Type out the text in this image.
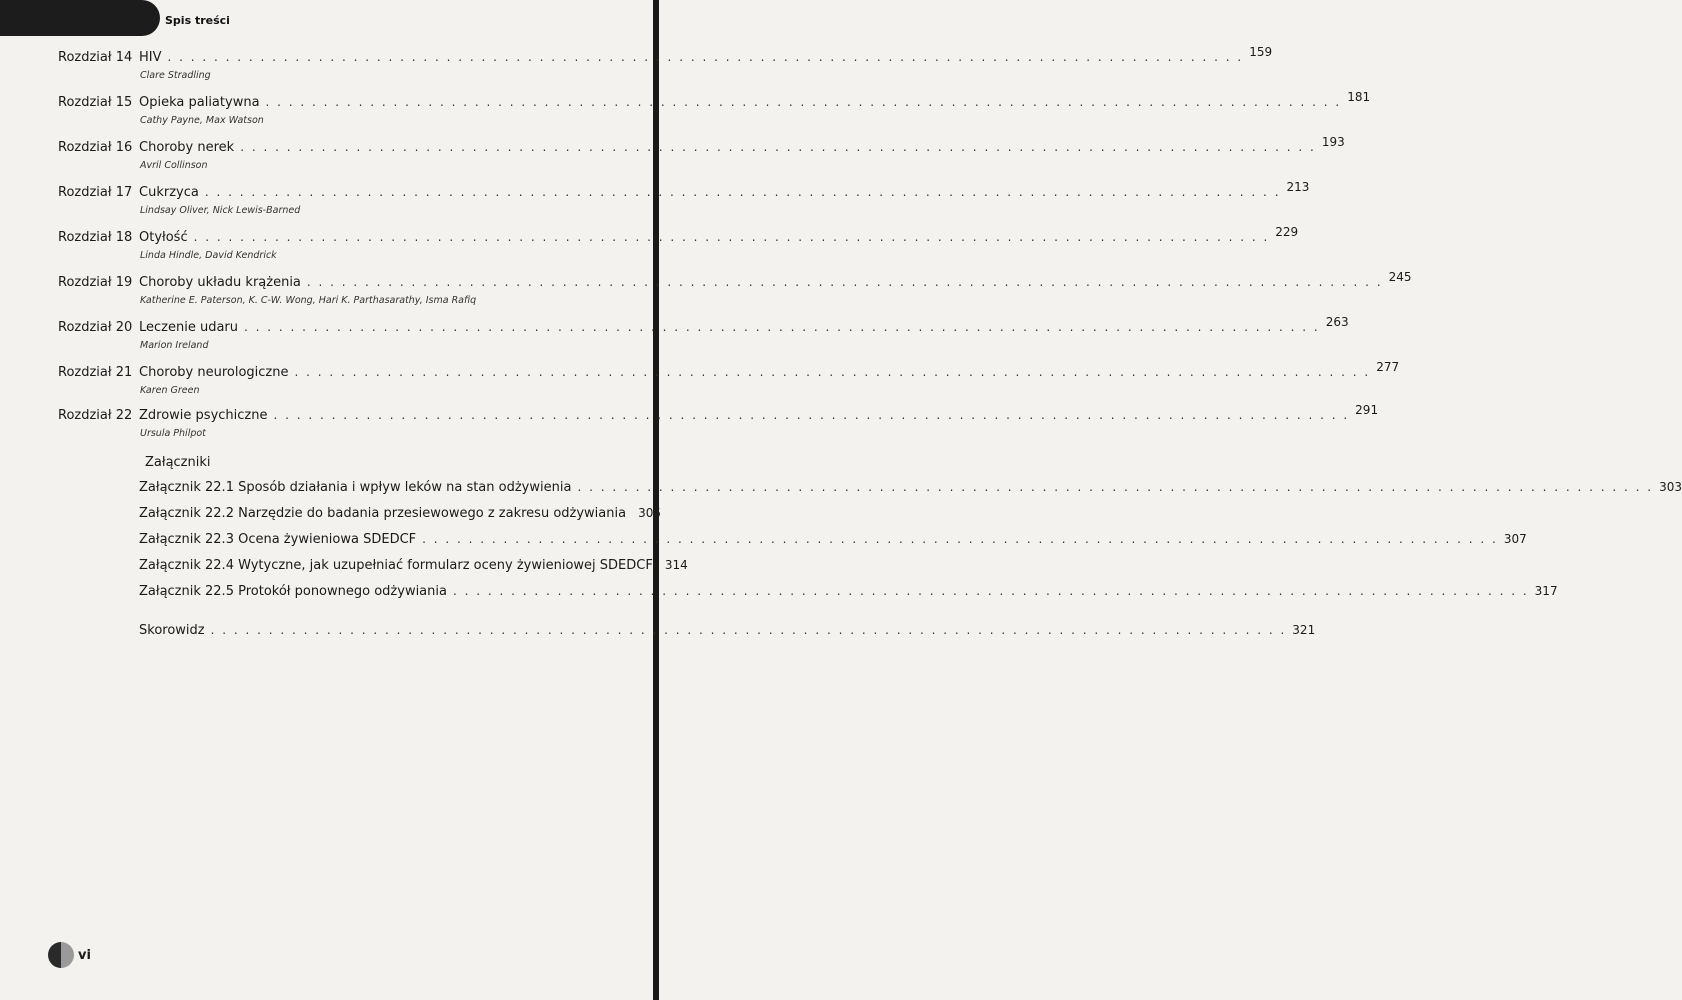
Spis treści
Rozdział 14 HIV . . .	159
Clare Stradling
Rozdział 15 Opieka paliatywna . . .	181
Cathy Payne, Max Watson
Rozdział 16 Choroby nerek . . .	193
Avril Collinson
Rozdział 17 Cukrzyca . . .	213
Lindsay Oliver, Nick Lewis-Barned
Rozdział 18 Otyłość . . .	229
Linda Hindle, David Kendrick
Rozdział 19 Choroby układu krążenia . . .	245
Katherine E. Paterson, K. C-W. Wong, Hari K. Parthasarathy, Isma Rafiq
Rozdział 20 Leczenie udaru . . .	263
Marion Ireland
Rozdział 21 Choroby neurologiczne . . .	277
Karen Green
Rozdział 22 Zdrowie psychiczne . . .	291
Ursula Philpot
Załączniki
Załącznik 22.1 Sposób działania i wpływ leków na stan odżywienia . . .	303
Załącznik 22.2 Narzędzie do badania przesiewowego z zakresu odżywiania 305
Załącznik 22.3 Ocena żywieniowa SDEDCF . . .	307
Załącznik 22.4 Wytyczne, jak uzupełniać formularz oceny żywieniowej SDEDCF 314
Załącznik 22.5 Protokół ponownego odżywiania . . .	317
Skorowidz . . .	321
vi
